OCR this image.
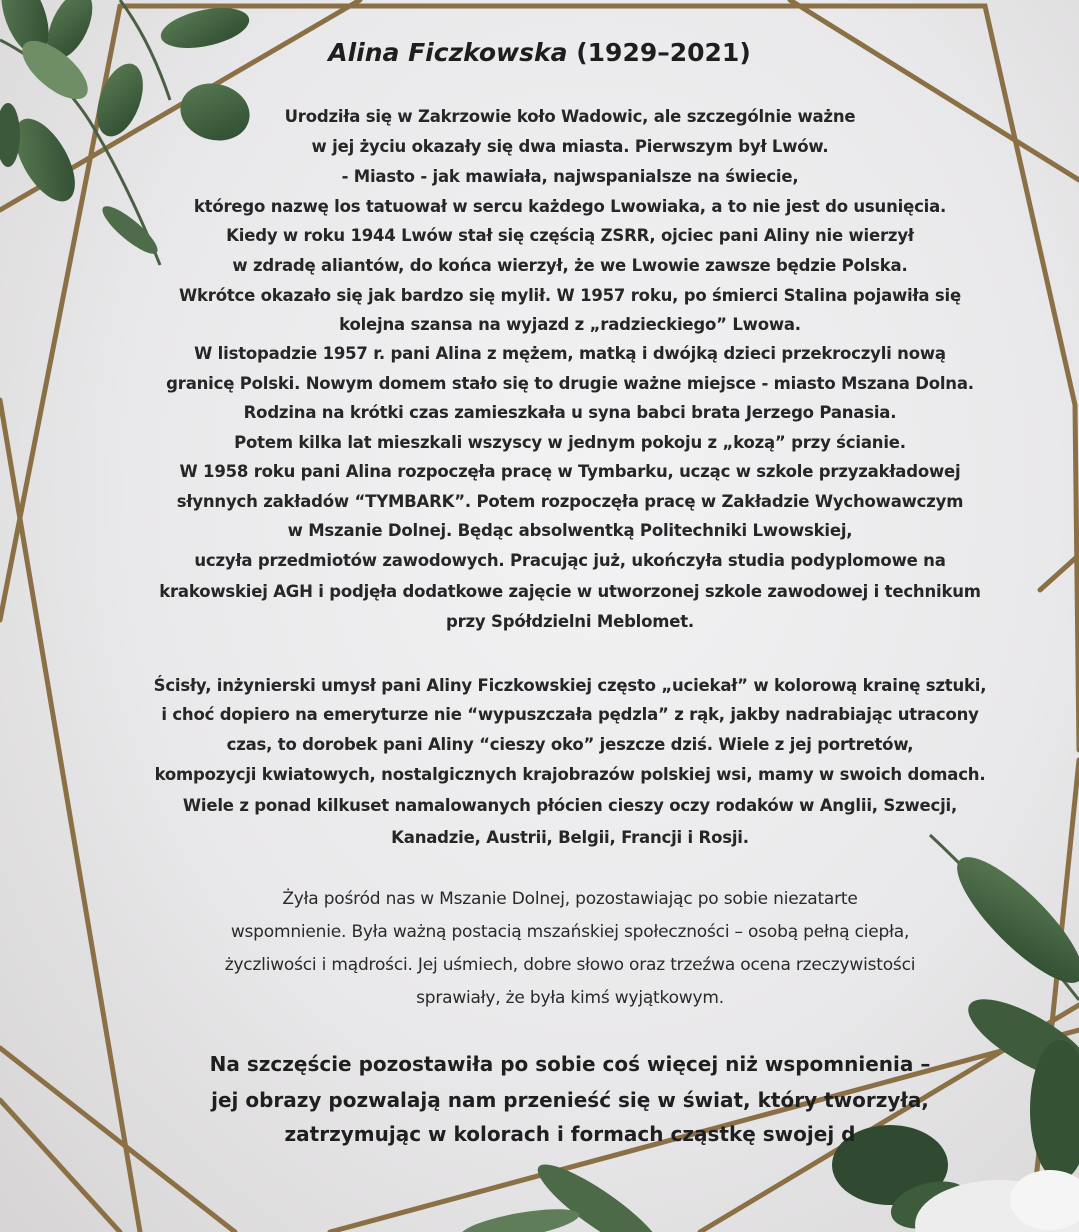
Alina Ficzkowska (1929–2021)
Urodziła się w Zakrzowie koło Wadowic, ale szczególnie ważne
w jej życiu okazały się dwa miasta. Pierwszym był Lwów.
- Miasto - jak mawiała, najwspanialsze na świecie,
którego nazwę los tatuował w sercu każdego Lwowiaka, a to nie jest do usunięcia.
Kiedy w roku 1944 Lwów stał się częścią ZSRR, ojciec pani Aliny nie wierzył
w zdradę aliantów, do końca wierzył, że we Lwowie zawsze będzie Polska.
Wkrótce okazało się jak bardzo się mylił. W 1957 roku, po śmierci Stalina pojawiła się
kolejna szansa na wyjazd z „radzieckiego” Lwowa.
W listopadzie 1957 r. pani Alina z mężem, matką i dwójką dzieci przekroczyli nową
granicę Polski. Nowym domem stało się to drugie ważne miejsce - miasto Mszana Dolna.
Rodzina na krótki czas zamieszkała u syna babci brata Jerzego Panasia.
Potem kilka lat mieszkali wszyscy w jednym pokoju z „kozą” przy ścianie.
W 1958 roku pani Alina rozpoczęła pracę w Tymbarku, ucząc w szkole przyzakładowej
słynnych zakładów “TYMBARK”. Potem rozpoczęła pracę w Zakładzie Wychowawczym
w Mszanie Dolnej. Będąc absolwentką Politechniki Lwowskiej,
uczyła przedmiotów zawodowych. Pracując już, ukończyła studia podyplomowe na
krakowskiej AGH i podjęła dodatkowe zajęcie w utworzonej szkole zawodowej i technikum
przy Spółdzielni Meblomet.
Ścisły, inżynierski umysł pani Aliny Ficzkowskiej często „uciekał” w kolorową krainę sztuki,
i choć dopiero na emeryturze nie “wypuszczała pędzla” z rąk, jakby nadrabiając utracony
czas, to dorobek pani Aliny “cieszy oko” jeszcze dziś. Wiele z jej portretów,
kompozycji kwiatowych, nostalgicznych krajobrazów polskiej wsi, mamy w swoich domach.
Wiele z ponad kilkuset namalowanych płócien cieszy oczy rodaków w Anglii, Szwecji,
Kanadzie, Austrii, Belgii, Francji i Rosji.
Żyła pośród nas w Mszanie Dolnej, pozostawiając po sobie niezatarte
wspomnienie. Była ważną postacią mszańskiej społeczności – osobą pełną ciepła,
życzliwości i mądrości. Jej uśmiech, dobre słowo oraz trzeźwa ocena rzeczywistości
sprawiały, że była kimś wyjątkowym.
Na szczęście pozostawiła po sobie coś więcej niż wspomnienia –
jej obrazy pozwalają nam przenieść się w świat, który tworzyła,
zatrzymując w kolorach i formach cząstkę swojej d
